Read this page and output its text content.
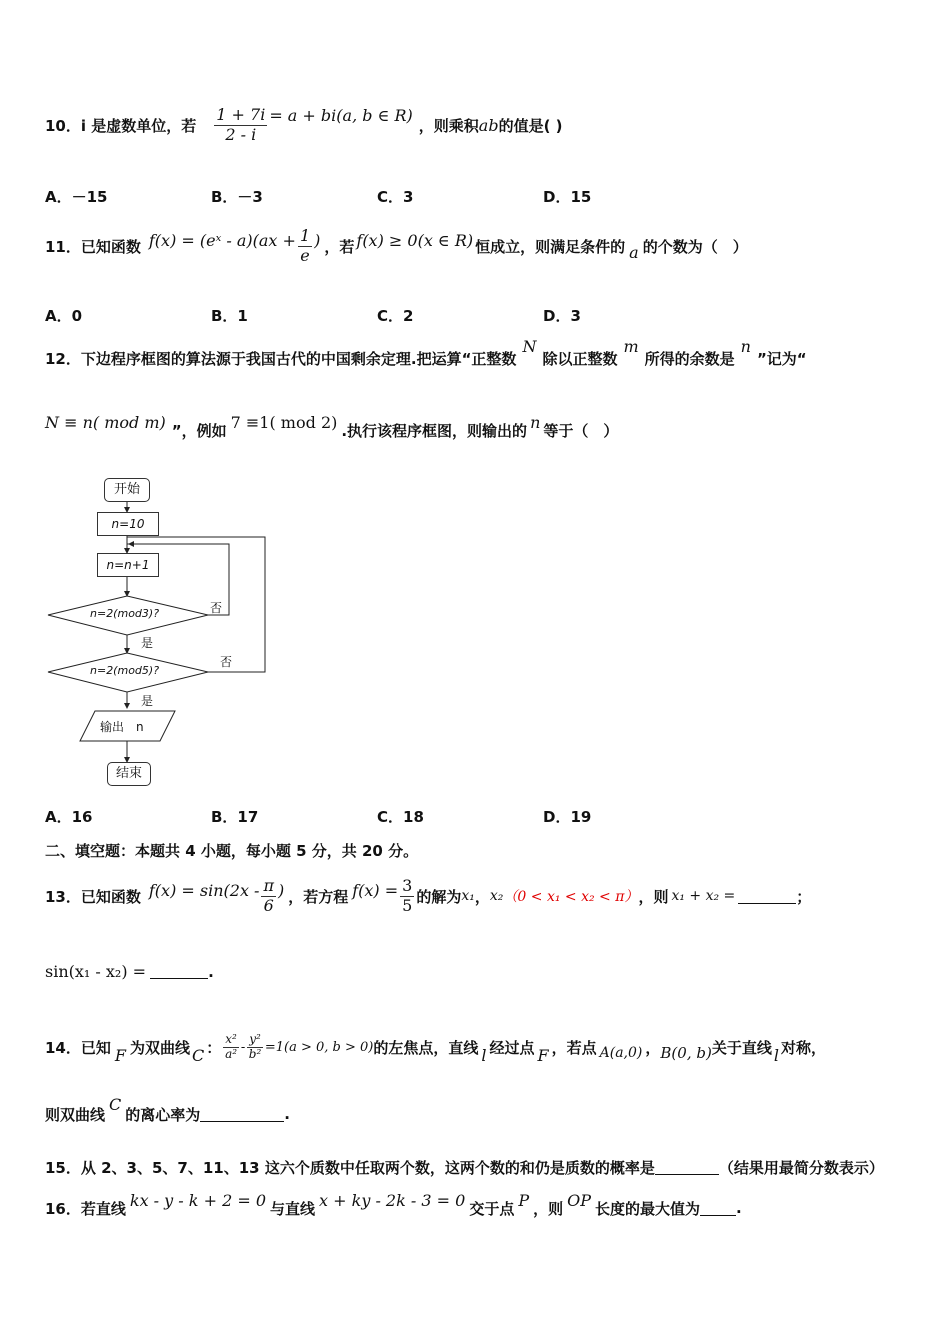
10．i 是虚数单位，若 $\frac{1 + 7i}{2 - i} = a + bi(a$, b ∈ R)
，则乘积 ab 的值是( )
A．－15	B．－3	C．3	D．15
11．已知函数 f(x) = (eˣ - $a)(ax + \frac{1}{e}$ ) ，若 f(x) ≥ 0(x ∈ R) 恒成立，则满足条件的 a 的个数为（　）
A．0	B．1	C．2	D．3
12．下边程序框图的算法源于我国古代的中国剩余定理.把运算“正整数
N
除以正整数
m
所得的余数是
n
”记为“
N ≡ n( mod m) ”，例如 7 ≡1( mod 2) .执行该程序框图，则输出的 n 等于（　）
开始
n=10
n=n+1
n=2(mod3)?
n=2(mod5)?
是
是
否
否
输出　n
结束
A．16	B．17	C．18	D．19
二、填空题：本题共 4 小题，每小题 5 分，共 20 分。
13．已知函数 $f(x) = \sin(2x - \frac{\pi}{6}$ ) ，若方程 $f(x) = \frac{3}{5}$ 的解为 x₁ ， x₂ （0 < x₁ < x₂ < π） ，则 x₁ + x₂ =	；
sin(x₁ - x₂) =	.
14．已知 F 为双曲线 C ： $\frac{\text{x²}}{\text{a²}} - \frac{\text{y²}}{\text{b²}} =1(a > 0$, b > 0) 的左焦点，直线 l 经过点 F ，若点 A(a,0) ， B(0, b) 关于直线 l 对称，
则双曲线
C
的离心率为	.
15．从 2、3、5、7、11、13 这六个质数中任取两个数，这两个数的和仍是质数的概率是	（结果用最简分数表示）
16．若直线 kx - y - k + 2 = 0 与直线 x + ky - 2k - 3 = 0 交于点 P ，则 OP 长度的最大值为 .
